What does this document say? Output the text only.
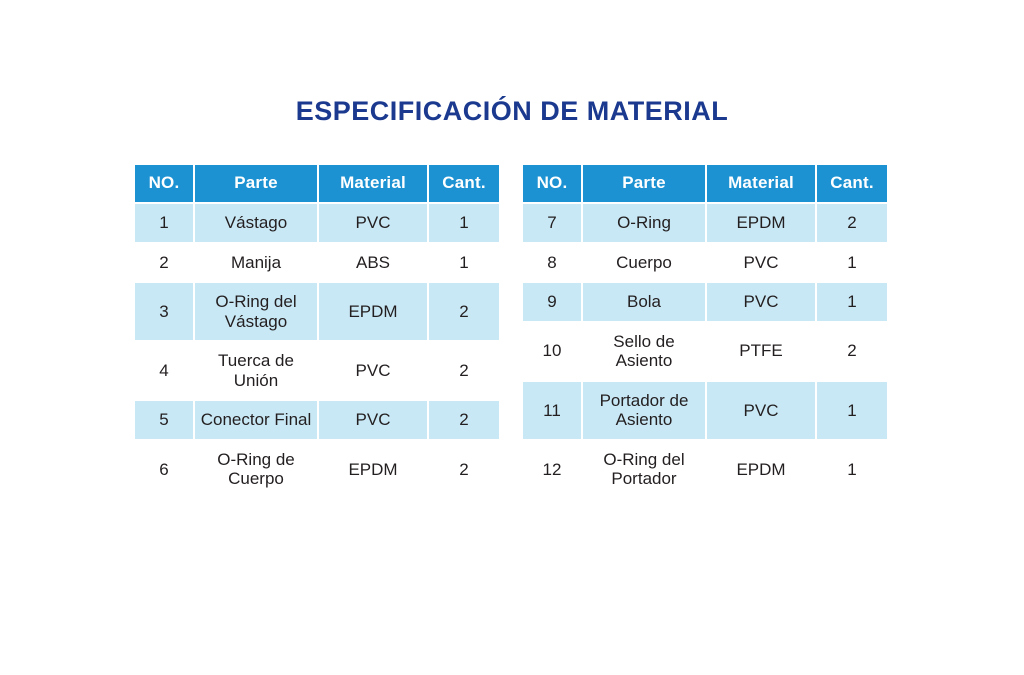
ESPECIFICACIÓN DE MATERIAL
NO.	Parte	Material	Cant.
1	Vástago	PVC	1
2	Manija	ABS	1
3	O-Ring del Vástago	EPDM	2
4	Tuerca de Unión	PVC	2
5	Conector Final	PVC	2
6	O-Ring de Cuerpo	EPDM	2
NO.	Parte	Material	Cant.
7	O-Ring	EPDM	2
8	Cuerpo	PVC	1
9	Bola	PVC	1
10	Sello de Asiento	PTFE	2
11	Portador de Asiento	PVC	1
12	O-Ring del Portador	EPDM	1
